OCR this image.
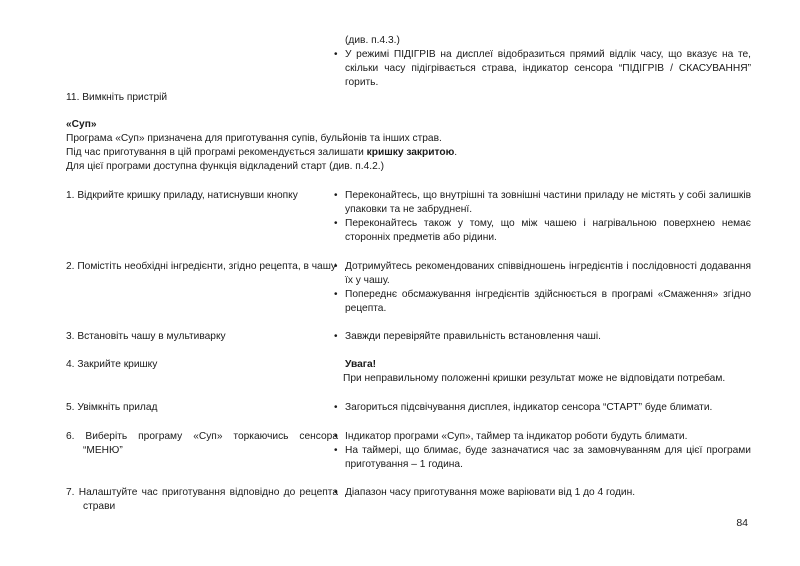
(див. п.4.3.)
• У режимі ПІДІГРІВ на дисплеї відобразиться прямий відлік часу, що вказує на те, скільки часу підігрівається страва, індикатор сенсора “ПІДІГРІВ / СКАСУВАННЯ” горить.
11. Вимкніть пристрій
«Суп»
Програма «Суп» призначена для приготування супів, бульйонів та інших страв.
Під час приготування в цій програмі рекомендується залишати кришку закритою.
Для цієї програми доступна функція відкладений старт (див. п.4.2.)
1. Відкрийте кришку приладу, натиснувши кнопку	• Переконайтесь, що внутрішні та зовнішні частини приладу не містять у собі залишків упаковки та не забрудненї.
• Переконайтесь також у тому, що між чашею і нагрівальною поверхнею немає сторонніх предметів або рідини.
2. Помістіть необхідні інгредієнти, згідно рецепта, в чашу • Дотримуйтесь рекомендованих співвідношень інгредієнтів і послідовності додавання їх у чашу.
• Попереднє обсмажування інгредієнтів здійснюється в програмі «Смаження» згідно рецепта.
3. Встановіть чашу в мультиварку	• Завжди перевіряйте правильність встановлення чаші.
4. Закрийте кришку	Увага!
При неправильному положенні кришки результат може не відповідати потребам.
5. Увімкніть прилад	• Загориться підсвічування дисплея, індикатор сенсора “СТАРТ” буде блимати.
6. Виберіть програму «Суп» торкаючись сенсора “МЕНЮ”
• Індикатор програми «Суп», таймер та індикатор роботи будуть блимати.
• На таймері, що блимає, буде зазначатися час за замовчуванням для цієї програми приготування – 1 година.
7. Налаштуйте час приготування відповідно до рецепта страви
• Діапазон часу приготування може варіювати від 1 до 4 годин.
84
